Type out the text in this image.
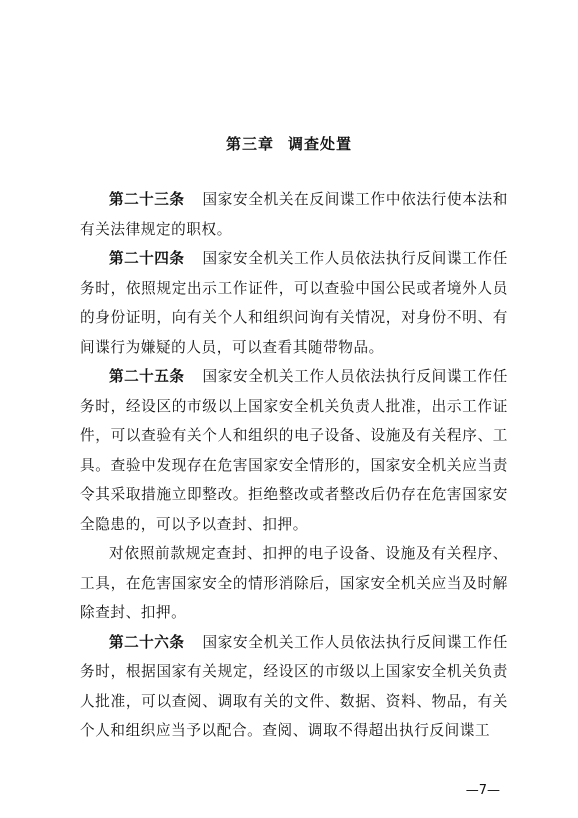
第三章 调查处置

第二十三条 国家安全机关在反间谍工作中依法行使本法和有关法律规定的职权。

第二十四条 国家安全机关工作人员依法执行反间谍工作任务时，依照规定出示工作证件，可以查验中国公民或者境外人员的身份证明，向有关个人和组织问询有关情况，对身份不明、有间谍行为嫌疑的人员，可以查看其随带物品。

第二十五条 国家安全机关工作人员依法执行反间谍工作任务时，经设区的市级以上国家安全机关负责人批准，出示工作证件，可以查验有关个人和组织的电子设备、设施及有关程序、工具。查验中发现存在危害国家安全情形的，国家安全机关应当责令其采取措施立即整改。拒绝整改或者整改后仍存在危害国家安全隐患的，可以予以查封、扣押。

对依照前款规定查封、扣押的电子设备、设施及有关程序、工具，在危害国家安全的情形消除后，国家安全机关应当及时解除查封、扣押。

第二十六条 国家安全机关工作人员依法执行反间谍工作任务时，根据国家有关规定，经设区的市级以上国家安全机关负责人批准，可以查阅、调取有关的文件、数据、资料、物品，有关个人和组织应当予以配合。查阅、调取不得超出执行反间谍工

—7—
